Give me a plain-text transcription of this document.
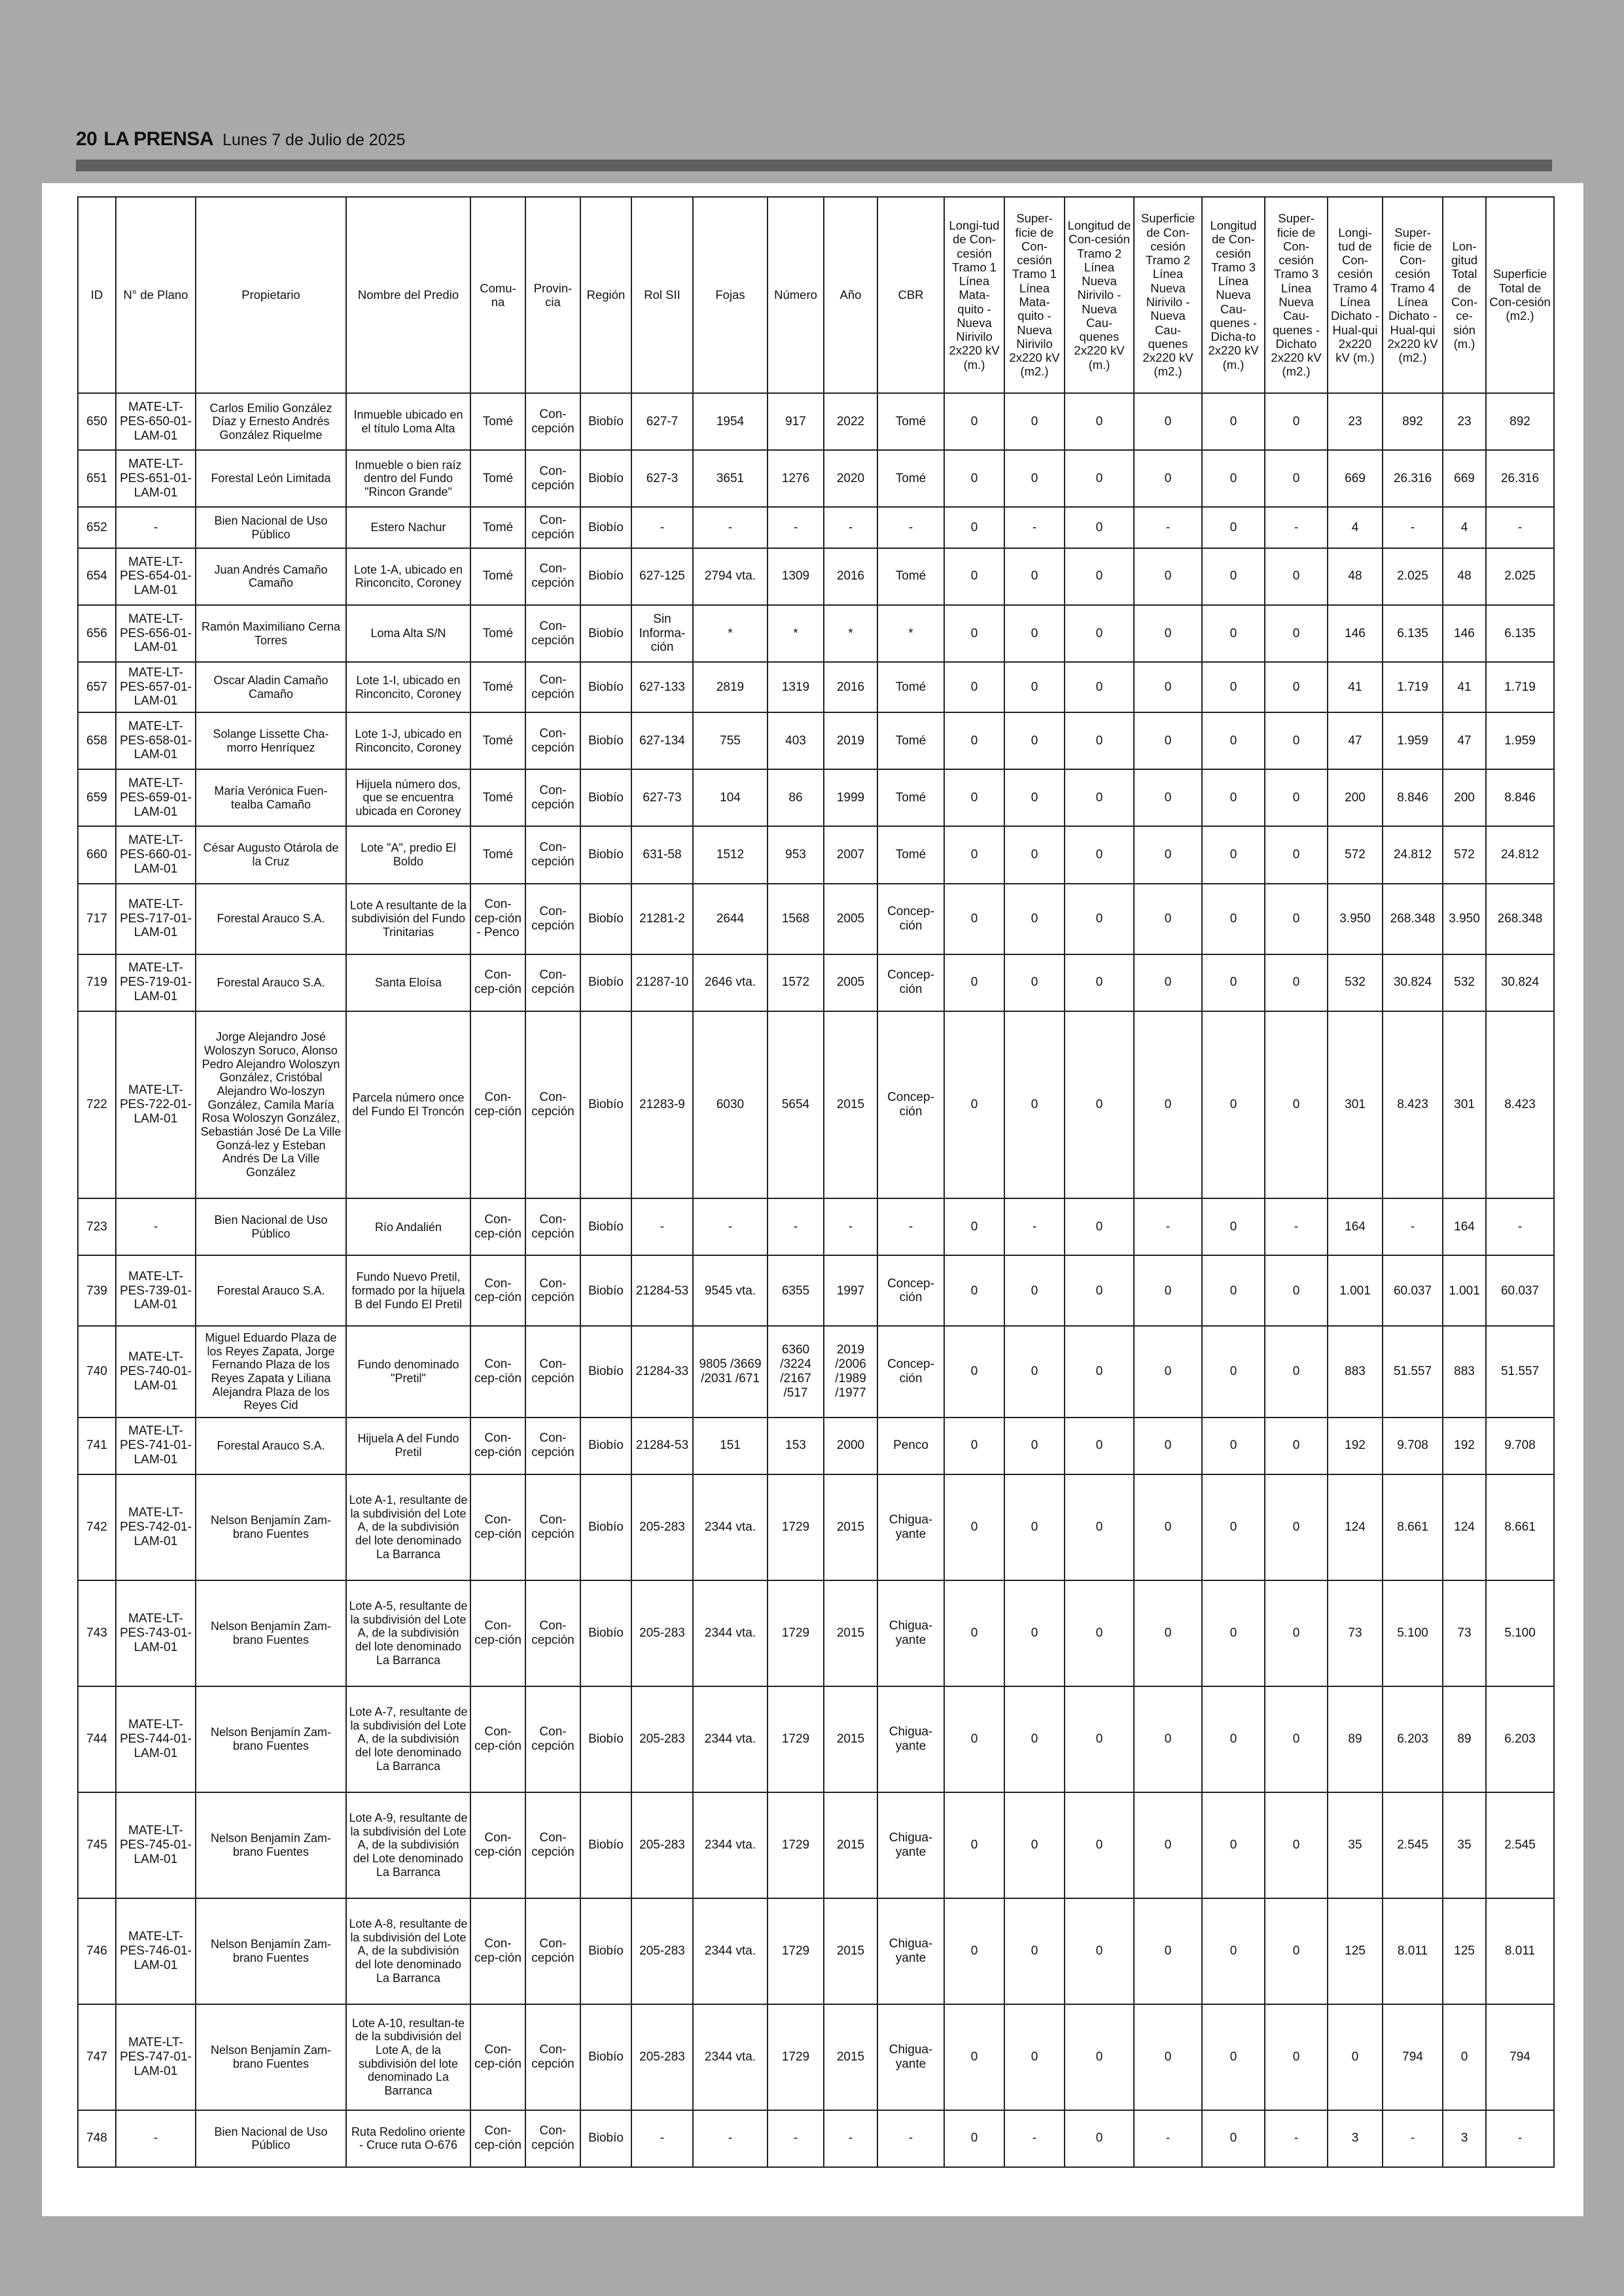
20 LA PRENSA Lunes 7 de Julio de 2025
ID	N° de Plano	Propietario	Nombre del Predio	Comu-na	Provin-cia	Región	Rol SII	Fojas	Número	Año	CBR	Longi-tud de Con-cesión Tramo 1 Línea Mata-quito - Nueva Nirivilo 2x220 kV (m.)	Super-ficie de Con-cesión Tramo 1 Línea Mata-quito - Nueva Nirivilo 2x220 kV (m2.)	Longitud de Con-cesión Tramo 2 Línea Nueva Nirivilo - Nueva Cau-quenes 2x220 kV (m.)	Superficie de Con-cesión Tramo 2 Línea Nueva Nirivilo - Nueva Cau-quenes 2x220 kV (m2.)	Longitud de Con-cesión Tramo 3 Línea Nueva Cau-quenes - Dicha-to 2x220 kV (m.)	Super-ficie de Con-cesión Tramo 3 Línea Nueva Cau-quenes - Dichato 2x220 kV (m2.)	Longi-tud de Con-cesión Tramo 4 Línea Dichato - Hual-qui 2x220 kV (m.)	Super-ficie de Con-cesión Tramo 4 Línea Dichato - Hual-qui 2x220 kV (m2.)	Lon-gitud Total de Con-ce-sión (m.)	Superficie Total de Con-cesión (m2.)
650	MATE-LT-PES-650-01-LAM-01	Carlos Emilio González Díaz y Ernesto Andrés González Riquelme	Inmueble ubicado en el título Loma Alta	Tomé	Con-cepción	Biobío	627-7	1954	917	2022	Tomé	0	0	0	0	0	0	23	892	23	892
651	MATE-LT-PES-651-01-LAM-01	Forestal León Limitada	Inmueble o bien raíz dentro del Fundo "Rincon Grande"	Tomé	Con-cepción	Biobío	627-3	3651	1276	2020	Tomé	0	0	0	0	0	0	669	26.316	669	26.316
652	-	Bien Nacional de Uso Público	Estero Nachur	Tomé	Con-cepción	Biobío	-	-	-	-	-	0	-	0	-	0	-	4	-	4	-
654	MATE-LT-PES-654-01-LAM-01	Juan Andrés Camaño Camaño	Lote 1-A, ubicado en Rinconcito, Coroney	Tomé	Con-cepción	Biobío	627-125	2794 vta.	1309	2016	Tomé	0	0	0	0	0	0	48	2.025	48	2.025
656	MATE-LT-PES-656-01-LAM-01	Ramón Maximiliano Cerna Torres	Loma Alta S/N	Tomé	Con-cepción	Biobío	Sin Informa-ción	*	*	*	*	0	0	0	0	0	0	146	6.135	146	6.135
657	MATE-LT-PES-657-01-LAM-01	Oscar Aladin Camaño Camaño	Lote 1-I, ubicado en Rinconcito, Coroney	Tomé	Con-cepción	Biobío	627-133	2819	1319	2016	Tomé	0	0	0	0	0	0	41	1.719	41	1.719
658	MATE-LT-PES-658-01-LAM-01	Solange Lissette Cha-morro Henríquez	Lote 1-J, ubicado en Rinconcito, Coroney	Tomé	Con-cepción	Biobío	627-134	755	403	2019	Tomé	0	0	0	0	0	0	47	1.959	47	1.959
659	MATE-LT-PES-659-01-LAM-01	María Verónica Fuen-tealba Camaño	Hijuela número dos, que se encuentra ubicada en Coroney	Tomé	Con-cepción	Biobío	627-73	104	86	1999	Tomé	0	0	0	0	0	0	200	8.846	200	8.846
660	MATE-LT-PES-660-01-LAM-01	César Augusto Otárola de la Cruz	Lote "A", predio El Boldo	Tomé	Con-cepción	Biobío	631-58	1512	953	2007	Tomé	0	0	0	0	0	0	572	24.812	572	24.812
717	MATE-LT-PES-717-01-LAM-01	Forestal Arauco S.A.	Lote A resultante de la subdivisión del Fundo Trinitarias	Con-cep-ción - Penco	Con-cepción	Biobío	21281-2	2644	1568	2005	Concep-ción	0	0	0	0	0	0	3.950	268.348	3.950	268.348
719	MATE-LT-PES-719-01-LAM-01	Forestal Arauco S.A.	Santa Eloísa	Con-cep-ción	Con-cepción	Biobío	21287-10	2646 vta.	1572	2005	Concep-ción	0	0	0	0	0	0	532	30.824	532	30.824
722	MATE-LT-PES-722-01-LAM-01	Jorge Alejandro José Woloszyn Soruco, Alonso Pedro Alejandro Woloszyn González, Cristóbal Alejandro Wo-loszyn González, Camila María Rosa Woloszyn González, Sebastián José De La Ville Gonzá-lez y Esteban Andrés De La Ville González	Parcela número once del Fundo El Troncón	Con-cep-ción	Con-cepción	Biobío	21283-9	6030	5654	2015	Concep-ción	0	0	0	0	0	0	301	8.423	301	8.423
723	-	Bien Nacional de Uso Público	Río Andalién	Con-cep-ción	Con-cepción	Biobío	-	-	-	-	-	0	-	0	-	0	-	164	-	164	-
739	MATE-LT-PES-739-01-LAM-01	Forestal Arauco S.A.	Fundo Nuevo Pretil, formado por la hijuela B del Fundo El Pretil	Con-cep-ción	Con-cepción	Biobío	21284-53	9545 vta.	6355	1997	Concep-ción	0	0	0	0	0	0	1.001	60.037	1.001	60.037
740	MATE-LT-PES-740-01-LAM-01	Miguel Eduardo Plaza de los Reyes Zapata, Jorge Fernando Plaza de los Reyes Zapata y Liliana Alejandra Plaza de los Reyes Cid	Fundo denominado "Pretil"	Con-cep-ción	Con-cepción	Biobío	21284-33	9805 /3669 /2031 /671	6360 /3224 /2167 /517	2019 /2006 /1989 /1977	Concep-ción	0	0	0	0	0	0	883	51.557	883	51.557
741	MATE-LT-PES-741-01-LAM-01	Forestal Arauco S.A.	Hijuela A del Fundo Pretil	Con-cep-ción	Con-cepción	Biobío	21284-53	151	153	2000	Penco	0	0	0	0	0	0	192	9.708	192	9.708
742	MATE-LT-PES-742-01-LAM-01	Nelson Benjamín Zam-brano Fuentes	Lote A-1, resultante de la subdivisión del Lote A, de la subdivisión del lote denominado La Barranca	Con-cep-ción	Con-cepción	Biobío	205-283	2344 vta.	1729	2015	Chigua-yante	0	0	0	0	0	0	124	8.661	124	8.661
743	MATE-LT-PES-743-01-LAM-01	Nelson Benjamín Zam-brano Fuentes	Lote A-5, resultante de la subdivisión del Lote A, de la subdivisión del lote denominado La Barranca	Con-cep-ción	Con-cepción	Biobío	205-283	2344 vta.	1729	2015	Chigua-yante	0	0	0	0	0	0	73	5.100	73	5.100
744	MATE-LT-PES-744-01-LAM-01	Nelson Benjamín Zam-brano Fuentes	Lote A-7, resultante de la subdivisión del Lote A, de la subdivisión del lote denominado La Barranca	Con-cep-ción	Con-cepción	Biobío	205-283	2344 vta.	1729	2015	Chigua-yante	0	0	0	0	0	0	89	6.203	89	6.203
745	MATE-LT-PES-745-01-LAM-01	Nelson Benjamín Zam-brano Fuentes	Lote A-9, resultante de la subdivisión del Lote A, de la subdivisión del Lote denominado La Barranca	Con-cep-ción	Con-cepción	Biobío	205-283	2344 vta.	1729	2015	Chigua-yante	0	0	0	0	0	0	35	2.545	35	2.545
746	MATE-LT-PES-746-01-LAM-01	Nelson Benjamín Zam-brano Fuentes	Lote A-8, resultante de la subdivisión del Lote A, de la subdivisión del lote denominado La Barranca	Con-cep-ción	Con-cepción	Biobío	205-283	2344 vta.	1729	2015	Chigua-yante	0	0	0	0	0	0	125	8.011	125	8.011
747	MATE-LT-PES-747-01-LAM-01	Nelson Benjamín Zam-brano Fuentes	Lote A-10, resultan-te de la subdivisión del Lote A, de la subdivisión del lote denominado La Barranca	Con-cep-ción	Con-cepción	Biobío	205-283	2344 vta.	1729	2015	Chigua-yante	0	0	0	0	0	0	0	794	0	794
748	-	Bien Nacional de Uso Público	Ruta Redolino oriente - Cruce ruta O-676	Con-cep-ción	Con-cepción	Biobío	-	-	-	-	-	0	-	0	-	0	-	3	-	3	-
